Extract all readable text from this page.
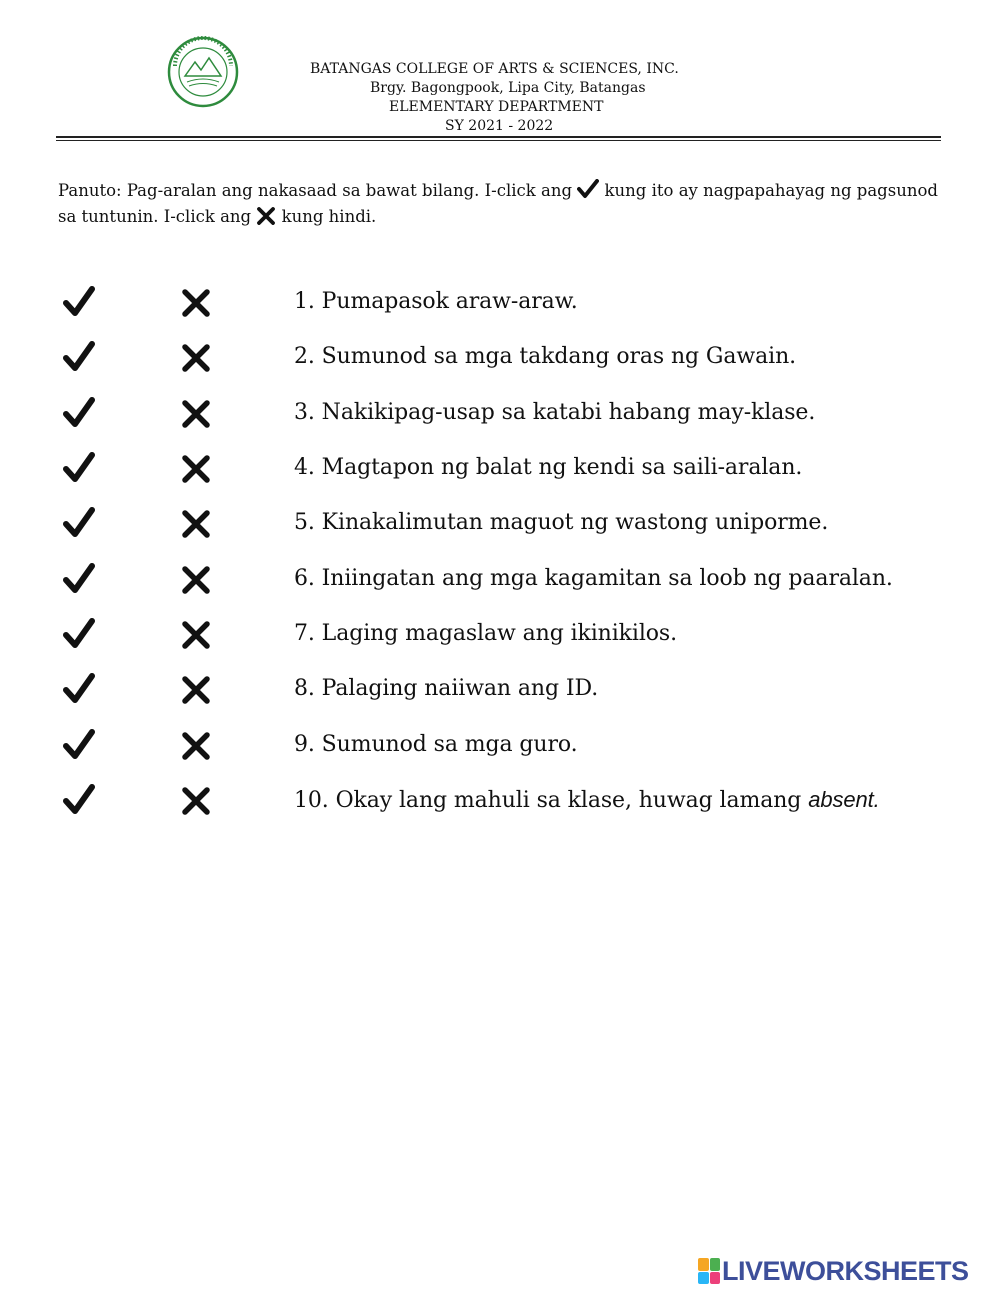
BATANGAS COLLEGE OF ARTS & SCIENCES, INC.
Brgy. Bagongpook, Lipa City, Batangas
ELEMENTARY DEPARTMENT
SY 2021 - 2022
Panuto: Pag-aralan ang nakasaad sa bawat bilang. I-click ang kung ito ay nagpapahayag ng pagsunod sa tuntunin. I-click ang kung hindi.
1. Pumapasok araw-araw.
2. Sumunod sa mga takdang oras ng Gawain.
3. Nakikipag-usap sa katabi habang may-klase.
4. Magtapon ng balat ng kendi sa saili-aralan.
5. Kinakalimutan maguot ng wastong uniporme.
6. Iniingatan ang mga kagamitan sa loob ng paaralan.
7. Laging magaslaw ang ikinikilos.
8. Palaging naiiwan ang ID.
9. Sumunod sa mga guro.
10. Okay lang mahuli sa klase, huwag lamang absent.
LIVEWORKSHEETS
